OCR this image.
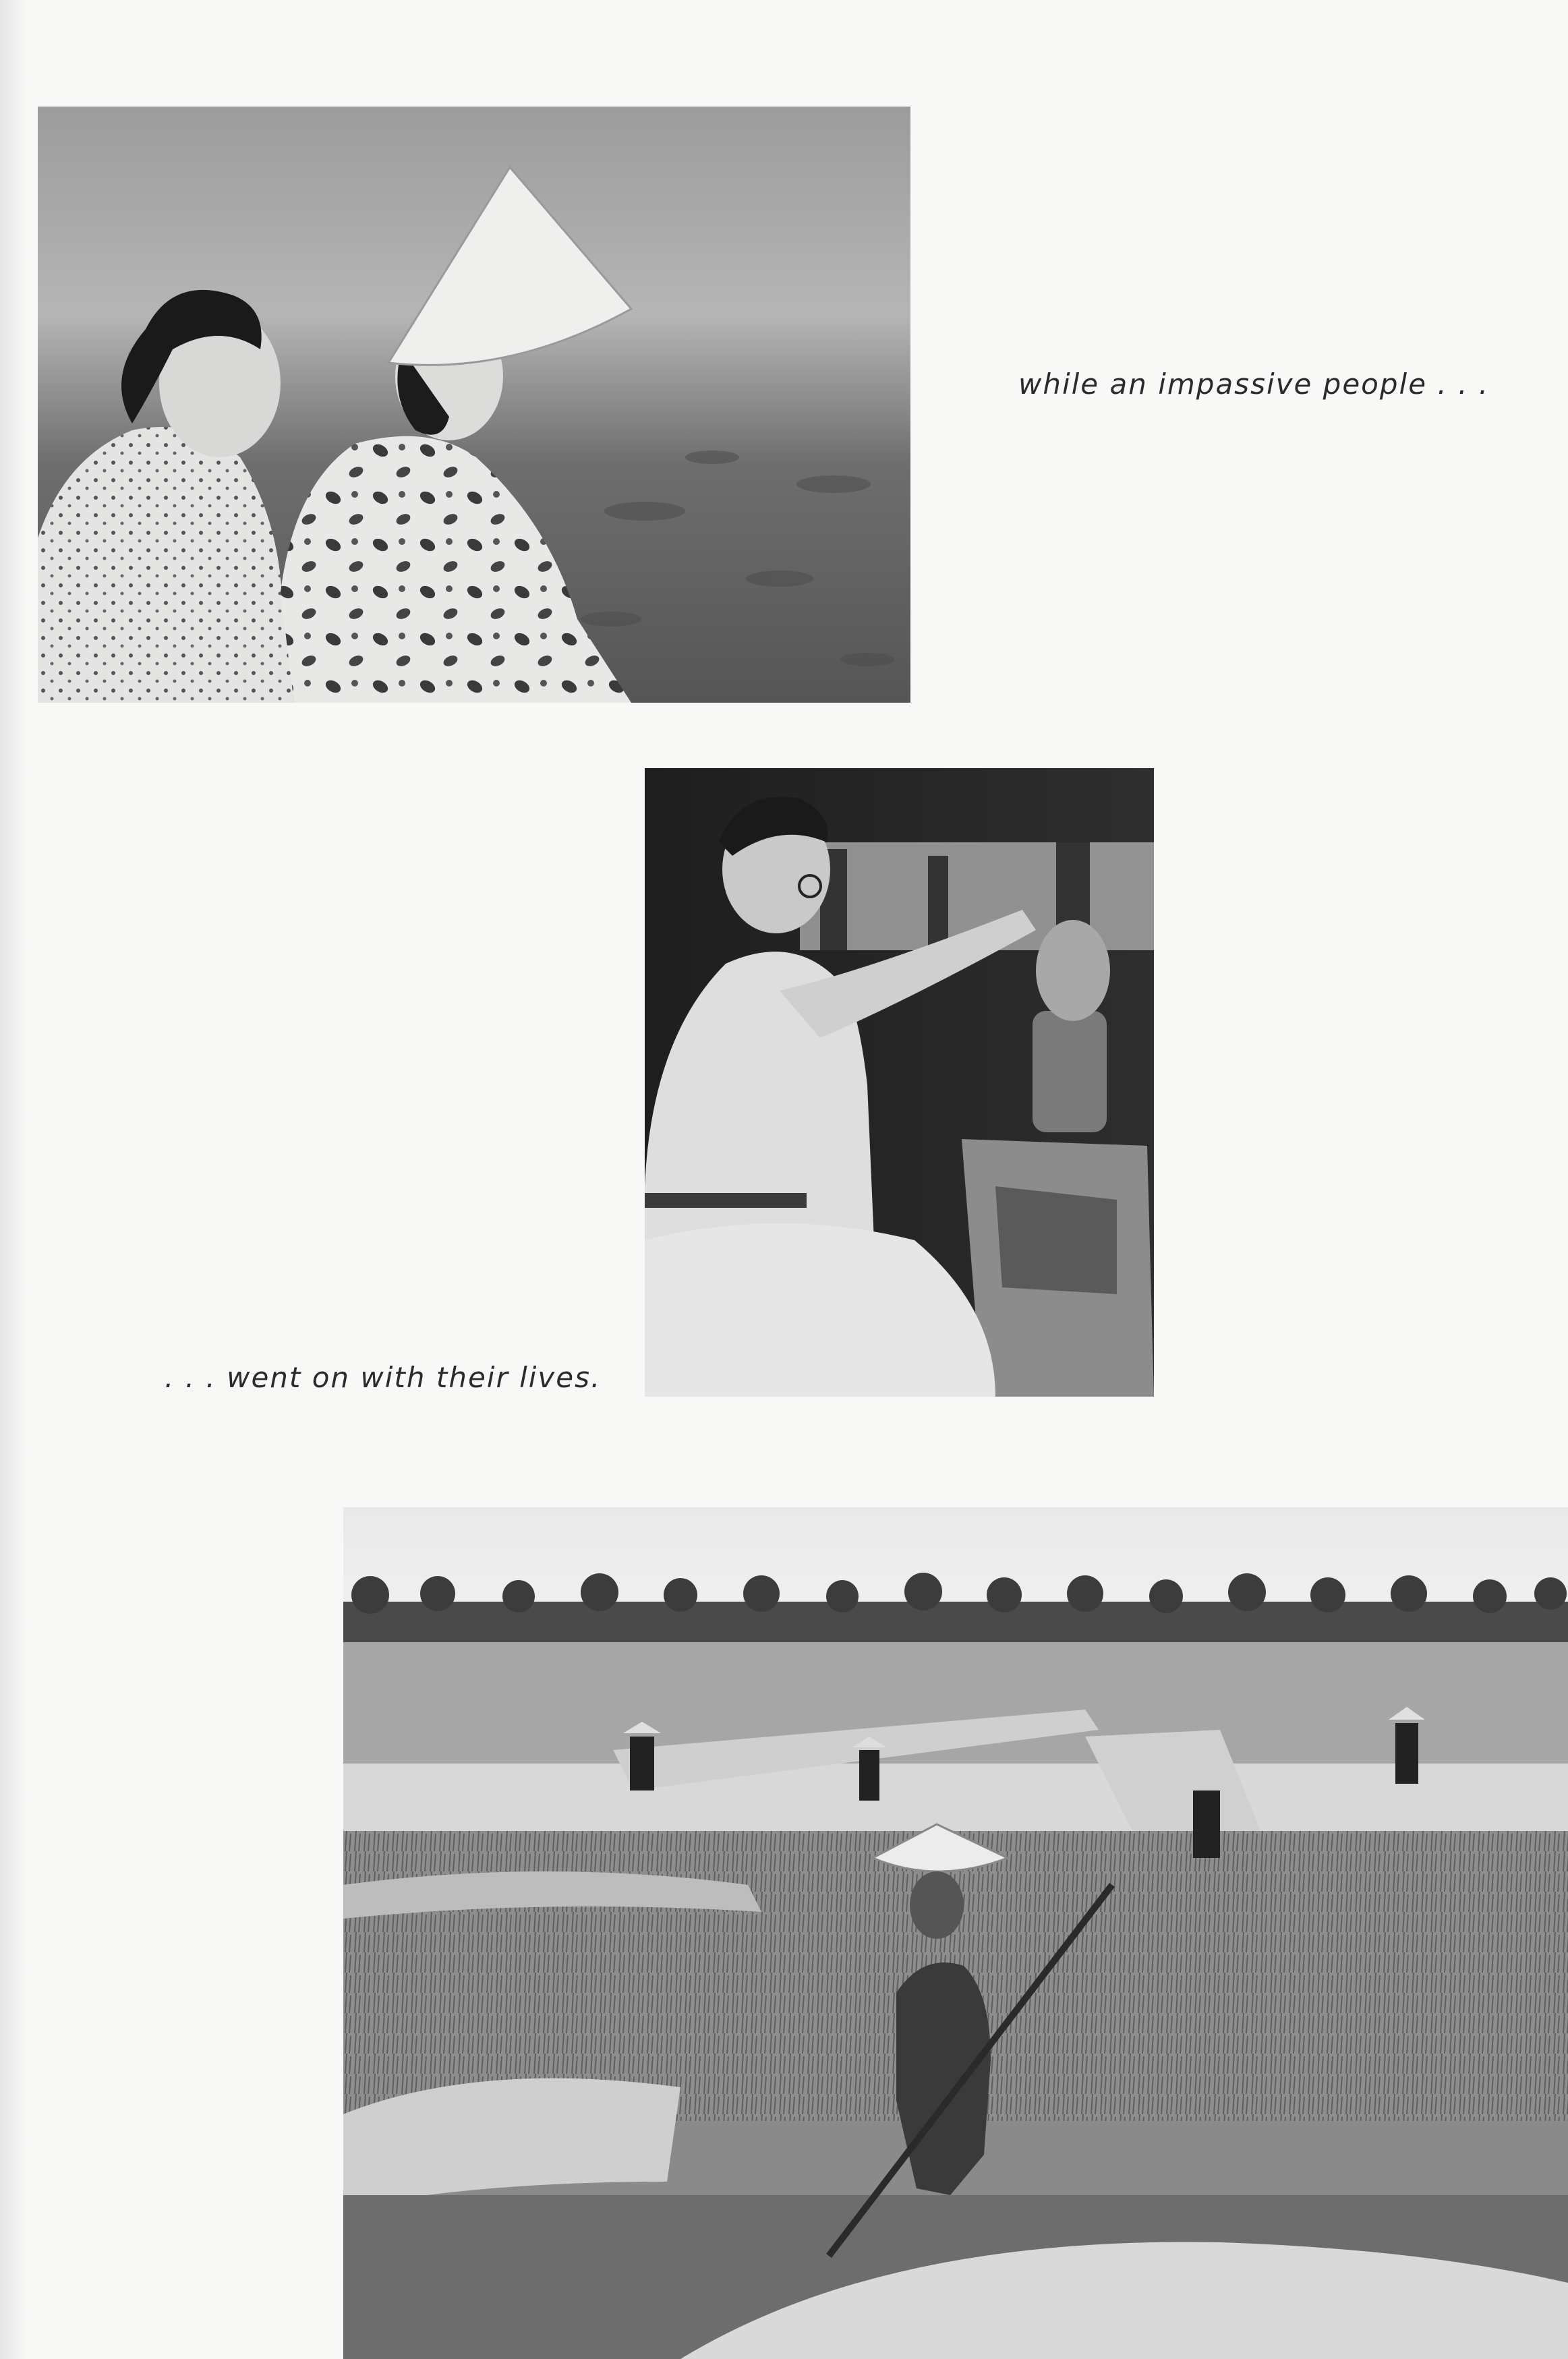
while an impassive people . . .

. . . went on with their lives.
